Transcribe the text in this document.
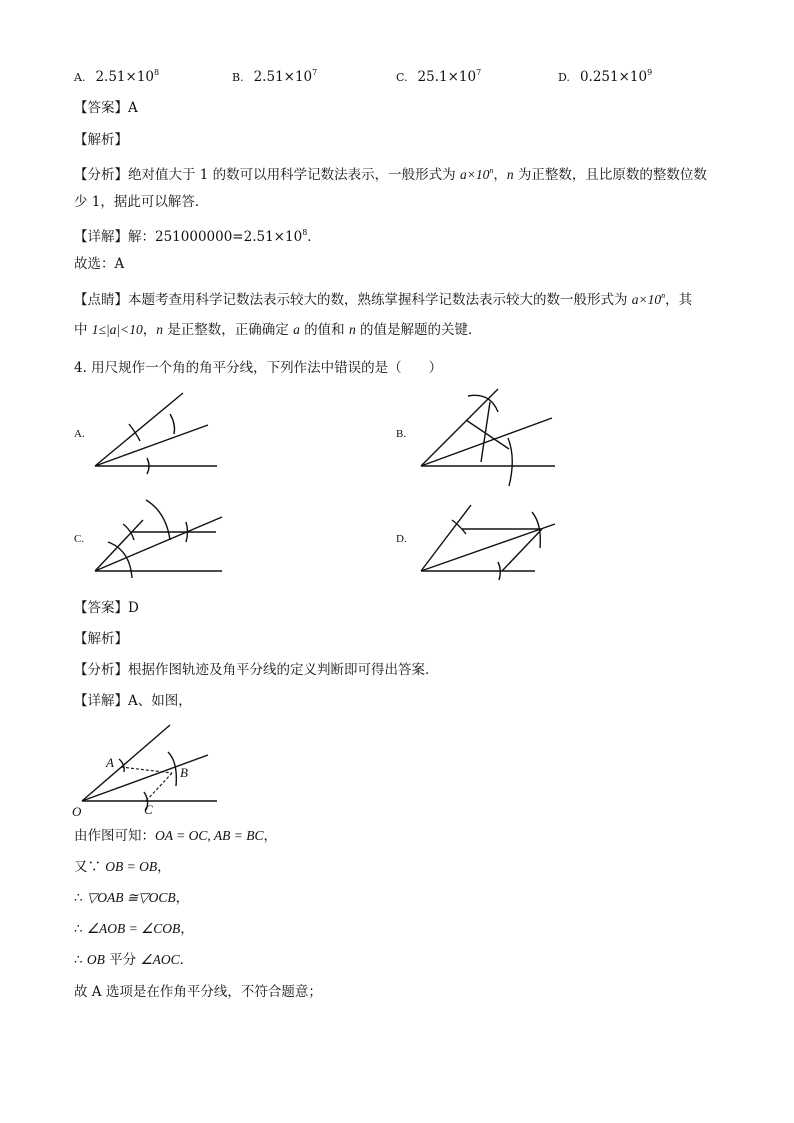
A. $2.51\times 10^8$	B. $2.51\times 10^7$	C. $25.1\times 10^7$	D. $0.251\times 10^9$
【答案】A
【解析】
【分析】绝对值大于 1 的数可以用科学记数法表示，一般形式为 $a\times 10^n$，n 为正整数，且比原数的整数位数
少 1，据此可以解答．
【详解】解：$251000000=2.51\times 10^8$．
故选：A
【点睛】本题考查用科学记数法表示较大的数，熟练掌握科学记数法表示较大的数一般形式为 $a\times 10^n$，其
中 1≤|a|<10，n 是正整数，正确确定 a 的值和 n 的值是解题的关键．
4. 用尺规作一个角的角平分线，下列作法中错误的是（　　）
A.	B.
C.	D.
【答案】D
【解析】
【分析】根据作图轨迹及角平分线的定义判断即可得出答案．
【详解】A、如图，
A
B
C
O
由作图可知：OA = OC, AB = BC，
又∵ OB = OB，
∴ ▽OAB ≅▽OCB，
∴ ∠AOB = ∠COB，
∴ OB 平分 ∠AOC．
故 A 选项是在作角平分线，不符合题意；
